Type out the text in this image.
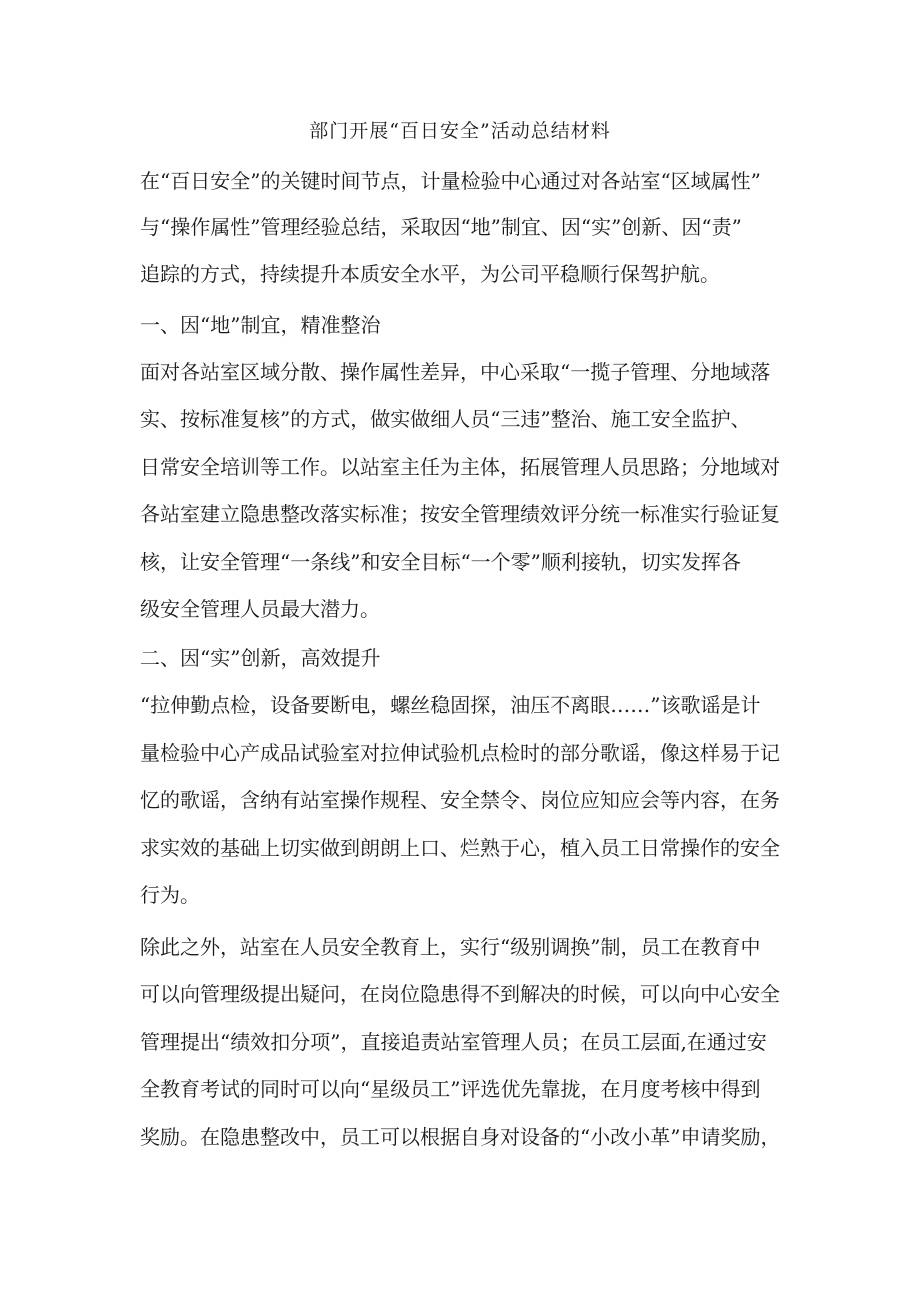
部门开展“百日安全”活动总结材料
在“百日安全”的关键时间节点，计量检验中心通过对各站室“区域属性”
与“操作属性”管理经验总结，采取因“地”制宜、因“实”创新、因“责”
追踪的方式，持续提升本质安全水平，为公司平稳顺行保驾护航。
一、因“地”制宜，精准整治
面对各站室区域分散、操作属性差异，中心采取“一揽子管理、分地域落
实、按标准复核”的方式，做实做细人员“三违”整治、施工安全监护、
日常安全培训等工作。以站室主任为主体，拓展管理人员思路；分地域对
各站室建立隐患整改落实标准；按安全管理绩效评分统一标准实行验证复
核，让安全管理“一条线”和安全目标“一个零”顺利接轨，切实发挥各
级安全管理人员最大潜力。
二、因“实”创新，高效提升
“拉伸勤点检，设备要断电，螺丝稳固探，油压不离眼……”该歌谣是计
量检验中心产成品试验室对拉伸试验机点检时的部分歌谣，像这样易于记
忆的歌谣，含纳有站室操作规程、安全禁令、岗位应知应会等内容，在务
求实效的基础上切实做到朗朗上口、烂熟于心，植入员工日常操作的安全
行为。
除此之外，站室在人员安全教育上，实行“级别调换”制，员工在教育中
可以向管理级提出疑问，在岗位隐患得不到解决的时候，可以向中心安全
管理提出“绩效扣分项”，直接追责站室管理人员；在员工层面,在通过安
全教育考试的同时可以向“星级员工”评选优先靠拢，在月度考核中得到
奖励。在隐患整改中，员工可以根据自身对设备的“小改小革”申请奖励，
